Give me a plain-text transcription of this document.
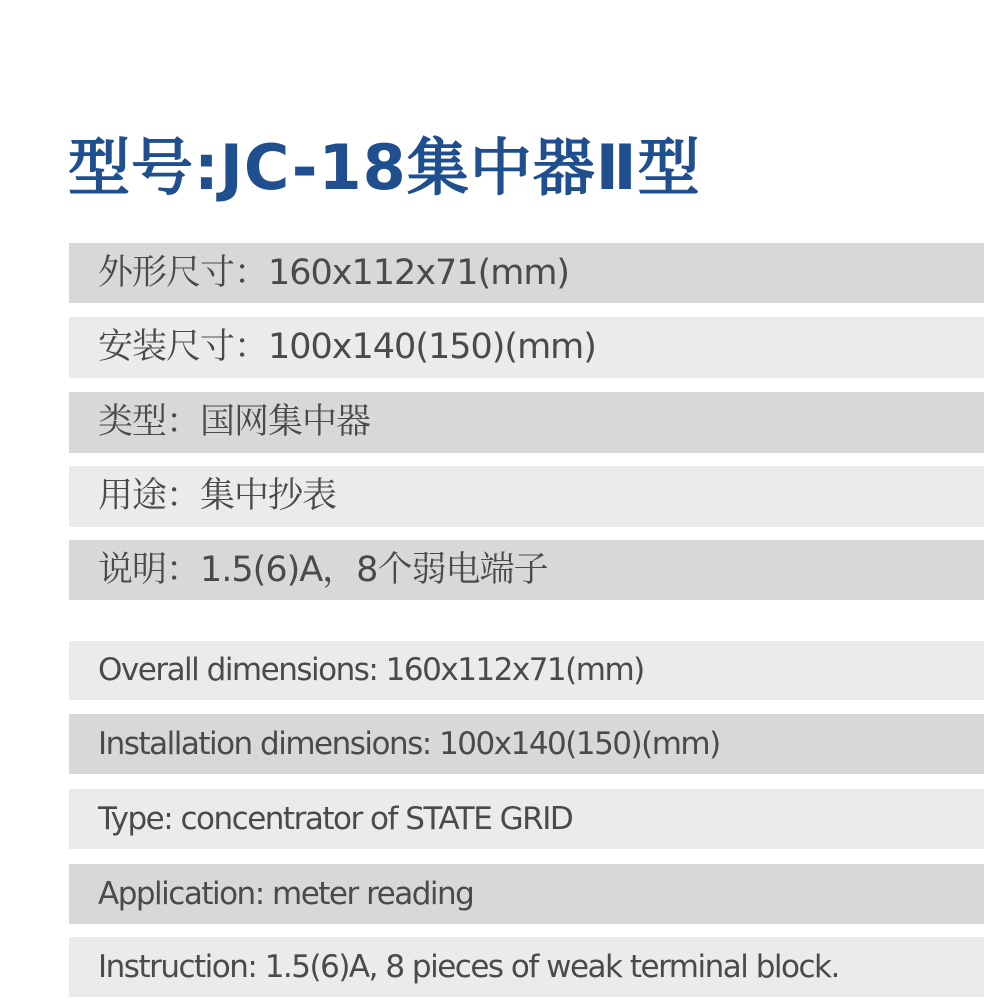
型号:JC-18集中器Ⅱ型
外形尺寸：160x112x71(mm)
安装尺寸：100x140(150)(mm)
类型：国网集中器
用途：集中抄表
说明：1.5(6)A，8个弱电端子
Overall dimensions: 160x112x71(mm)
Installation dimensions: 100x140(150)(mm)
Type: concentrator of STATE GRID
Application: meter reading
Instruction: 1.5(6)A, 8 pieces of weak terminal block.
